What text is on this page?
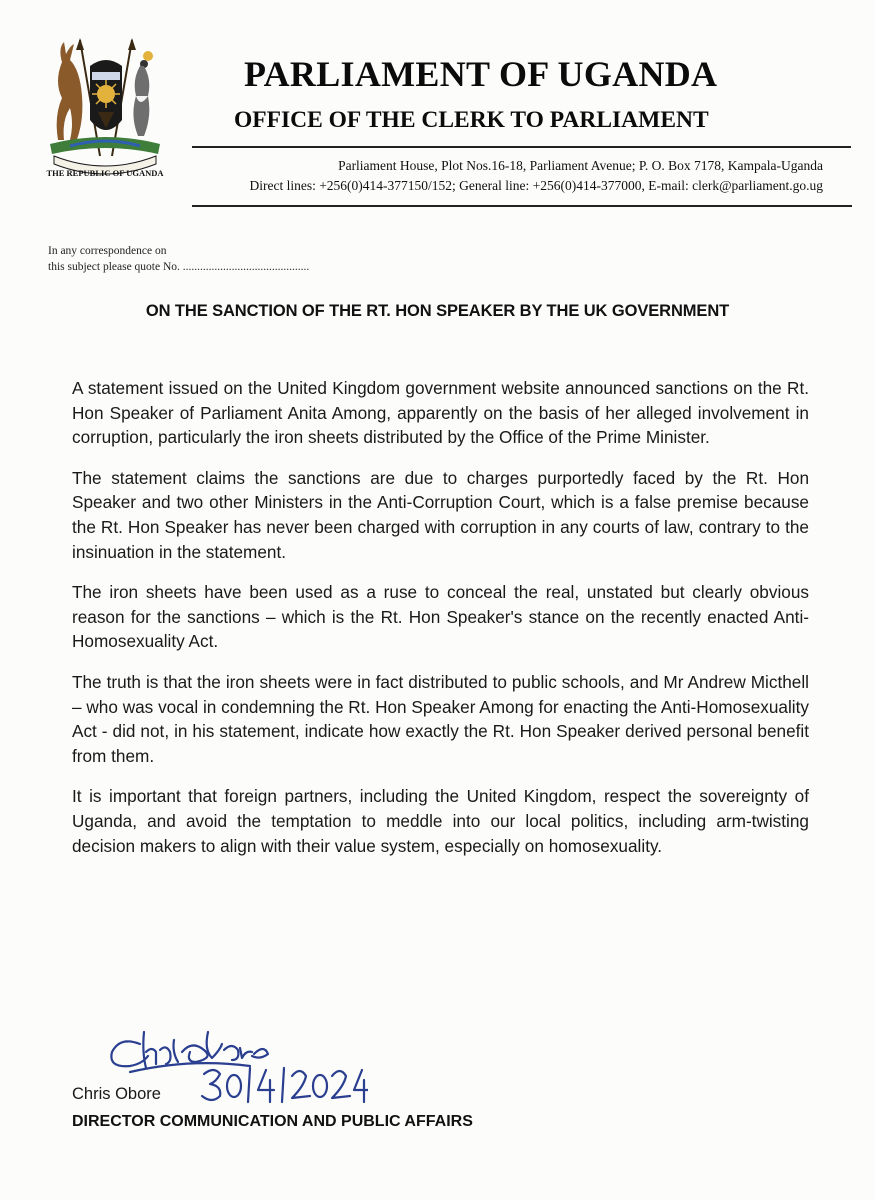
THE REPUBLIC OF UGANDA
PARLIAMENT OF UGANDA
OFFICE OF THE CLERK TO PARLIAMENT
Parliament House, Plot Nos.16-18, Parliament Avenue; P. O. Box 7178, Kampala-Uganda
Direct lines: +256(0)414-377150/152; General line: +256(0)414-377000, E-mail: clerk@parliament.go.ug
In any correspondence on
this subject please quote No. ............................................
ON THE SANCTION OF THE RT. HON SPEAKER BY THE UK GOVERNMENT

A statement issued on the United Kingdom government website announced sanctions on the Rt. Hon Speaker of Parliament Anita Among, apparently on the basis of her alleged involvement in corruption, particularly the iron sheets distributed by the Office of the Prime Minister.

The statement claims the sanctions are due to charges purportedly faced by the Rt. Hon Speaker and two other Ministers in the Anti-Corruption Court, which is a false premise because the Rt. Hon Speaker has never been charged with corruption in any courts of law, contrary to the insinuation in the statement.

The iron sheets have been used as a ruse to conceal the real, unstated but clearly obvious reason for the sanctions – which is the Rt. Hon Speaker's stance on the recently enacted Anti-Homosexuality Act.

The truth is that the iron sheets were in fact distributed to public schools, and Mr Andrew Micthell – who was vocal in condemning the Rt. Hon Speaker Among for enacting the Anti-Homosexuality Act - did not, in his statement, indicate how exactly the Rt. Hon Speaker derived personal benefit from them.

It is important that foreign partners, including the United Kingdom, respect the sovereignty of Uganda, and avoid the temptation to meddle into our local politics, including arm-twisting decision makers to align with their value system, especially on homosexuality.

Chris Obore
DIRECTOR COMMUNICATION AND PUBLIC AFFAIRS
